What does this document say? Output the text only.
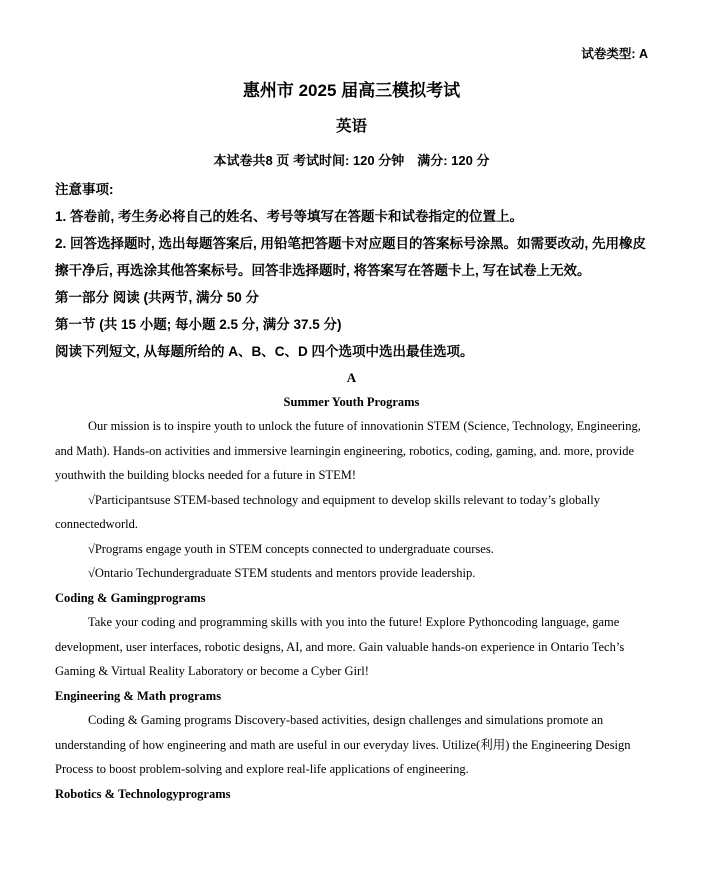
试卷类型: A
惠州市 2025 届高三模拟考试
英语
本试卷共8 页 考试时间: 120 分钟　满分: 120 分

注意事项:

1. 答卷前, 考生务必将自己的姓名、考号等填写在答题卡和试卷指定的位置上。

2. 回答选择题时, 选出每题答案后, 用铅笔把答题卡对应题目的答案标号涂黑。如需要改动, 先用橡皮擦干净后, 再选涂其他答案标号。回答非选择题时, 将答案写在答题卡上, 写在试卷上无效。

第一部分 阅读 (共两节, 满分 50 分

第一节 (共 15 小题; 每小题 2.5 分, 满分 37.5 分)

阅读下列短文, 从每题所给的 A、B、C、D 四个选项中选出最佳选项。

A
Summer Youth Programs

Our mission is to inspire youth to unlock the future of innovationin STEM (Science, Technology, Engineering, and Math). Hands-on activities and immersive learningin engineering, robotics, coding, gaming, and. more, provide youthwith the building blocks needed for a future in STEM!

√Participantsuse STEM-based technology and equipment to develop skills relevant to today’s globally connectedworld.

√Programs engage youth in STEM concepts connected to undergraduate courses.

√Ontario Techundergraduate STEM students and mentors provide leadership.

Coding & Gamingprograms

Take your coding and programming skills with you into the future! Explore Pythoncoding language, game development, user interfaces, robotic designs, AI, and more. Gain valuable hands-on experience in Ontario Tech’s Gaming & Virtual Reality Laboratory or become a Cyber Girl!

Engineering & Math programs

Coding & Gaming programs Discovery-based activities, design challenges and simulations promote an understanding of how engineering and math are useful in our everyday lives. Utilize(利用) the Engineering Design Process to boost problem-solving and explore real-life applications of engineering.

Robotics & Technologyprograms
